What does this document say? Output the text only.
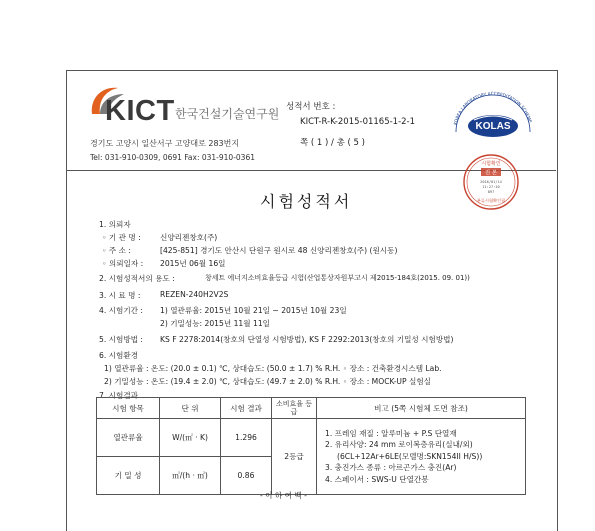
KICT 한국건설기술연구원
경기도 고양시 일산서구 고양대로 283번지
Tel: 031-910-0309, 0691 Fax: 031-910-0361
성적서 번호 :
KICT-R-K-2015-01165-1-2-1
쪽 ( 1 ) / 총 ( 5 )
KOREA LABORATORY ACCREDITATION SCHEME
KOLAS
시험확인
진 본
2016/01/14
11:27:10
897
분류시험확인필
시험성적서
1. 의뢰자
◦ 기 관 명 :	신양리젠창호(주)
◦ 주 소 :	[425-851] 경기도 안산시 단원구 원시로 48 신양리젠창호(주) (원시동)
◦ 의뢰일자 : 2015년 06월 16일
2. 시험성적서의 용도 :	창세트 에너지소비효율등급 시험(산업통상자원부고시 제2015-184호(2015. 09. 01))
3. 시 료 명 :	REZEN-240H2V2S
4. 시험기간 : 1) 열관류율: 2015년 10월 21일 ~ 2015년 10월 23일
2) 기밀성능: 2015년 11월 11일
5. 시험방법 : KS F 2278:2014(창호의 단열성 시험방법), KS F 2292:2013(창호의 기밀성 시험방법)
6. 시험환경
1) 열관류율 : 온도: (20.0 ± 0.1) ℃, 상대습도: (50.0 ± 1.7) % R.H. ◦ 장소 : 건축환경시스템 Lab.
2) 기밀성능 : 온도: (19.4 ± 2.0) ℃, 상대습도: (49.7 ± 2.0) % R.H. ◦ 장소 : MOCK-UP 실험실
7. 시험결과
시험 항목	단 위	시험 결과	소비효율 등 급	비고 (5쪽 시험체 도면 참조)
열관류율	W/(㎡ · K)	1.296	2등급	1. 프레임 재질 : 알루미늄 + P.S 단열재
2. 유리사양: 24 mm 로이복층유리(실내/외)
(6CL+12Ar+6LE(모델명:SKN154II H/S))
3. 충진가스 종류 : 아르곤가스 충진(Ar)
4. 스페이서 : SWS-U 단열간봉

기 밀 성	㎥/(h · ㎡)	0.86		
- 이 하 여 백 -
